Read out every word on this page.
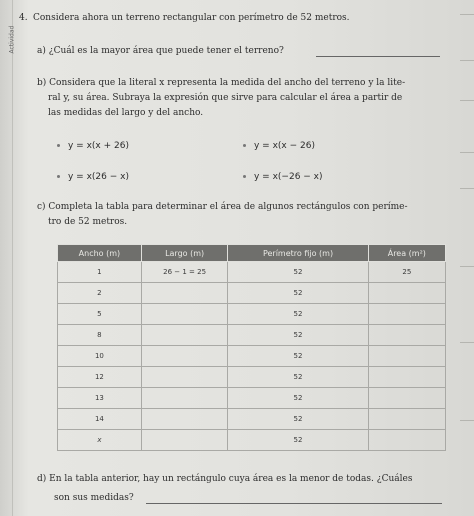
Actividad
4. Considera ahora un terreno rectangular con perímetro de 52 metros.
a) ¿Cuál es la mayor área que puede tener el terreno?
b) Considera que la literal x representa la medida del ancho del terreno y la lite-
ral y, su área. Subraya la expresión que sirve para calcular el área a partir de
las medidas del largo y del ancho.
y = x(x + 26)	y = x(x − 26)
y = x(26 − x)	y = x(−26 − x)
c) Completa la tabla para determinar el área de algunos rectángulos con períme-
tro de 52 metros.
Ancho (m)	Largo (m)	Perímetro fijo (m)	Área (m²)
1	26 − 1 = 25	52	25
2		52	
5		52	
8		52	
10		52	
12		52	
13		52	
14		52	
x		52	
d) En la tabla anterior, hay un rectángulo cuya área es la menor de todas. ¿Cuáles
son sus medidas?
